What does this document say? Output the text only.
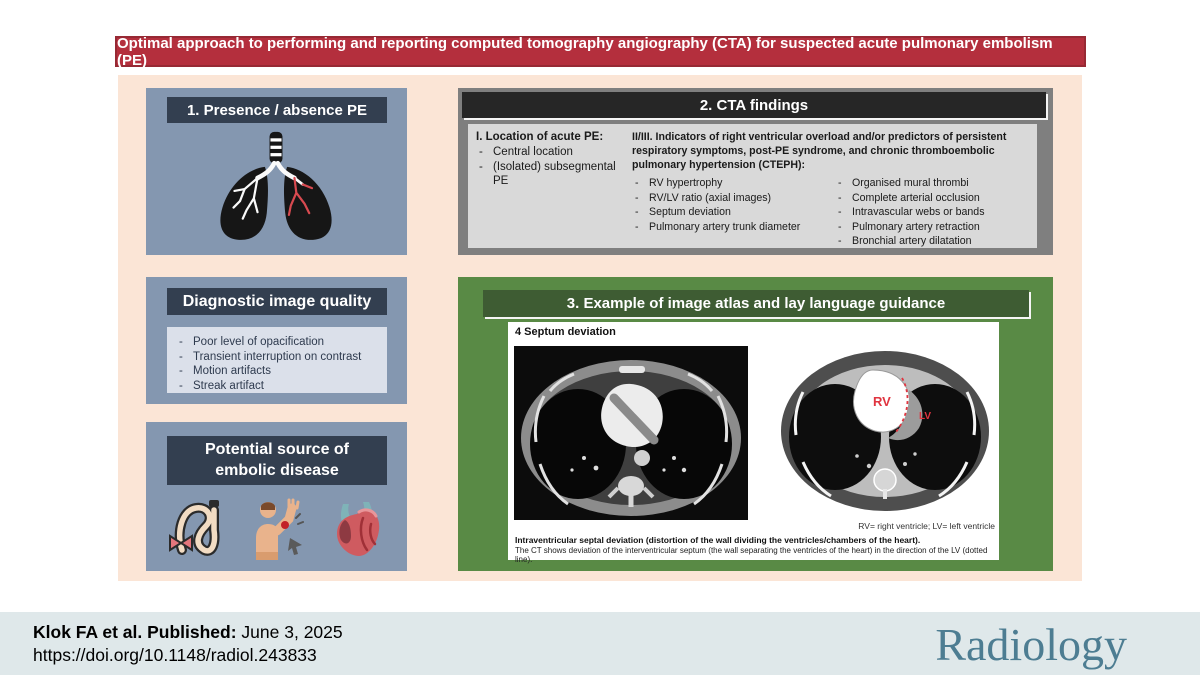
Optimal approach to performing and reporting computed tomography angiography (CTA) for suspected acute pulmonary embolism (PE)
1. Presence / absence PE
Diagnostic image quality
- Poor level of opacification
- Transient interruption on contrast
- Motion artifacts
- Streak artifact
Potential source of embolic disease
2. CTA findings
I. Location of acute PE:
- Central location
- (Isolated) subsegmental PE
II/III. Indicators of right ventricular overload and/or predictors of persistent respiratory symptoms, post-PE syndrome, and chronic thromboembolic pulmonary hypertension (CTEPH):
- RV hypertrophy
- RV/LV ratio (axial images)
- Septum deviation
- Pulmonary artery trunk diameter
- Organised mural thrombi
- Complete arterial occlusion
- Intravascular webs or bands
- Pulmonary artery retraction
- Bronchial artery dilatation
3. Example of image atlas and lay language guidance
4 Septum deviation
RV
LV
RV= right ventricle; LV= left ventricle
Intraventricular septal deviation (distortion of the wall dividing the ventricles/chambers of the heart).
The CT shows deviation of the interventricular septum (the wall separating the ventricles of the heart) in the direction of the LV (dotted line).
Klok FA et al. Published: June 3, 2025
https://doi.org/10.1148/radiol.243833	Radiology
